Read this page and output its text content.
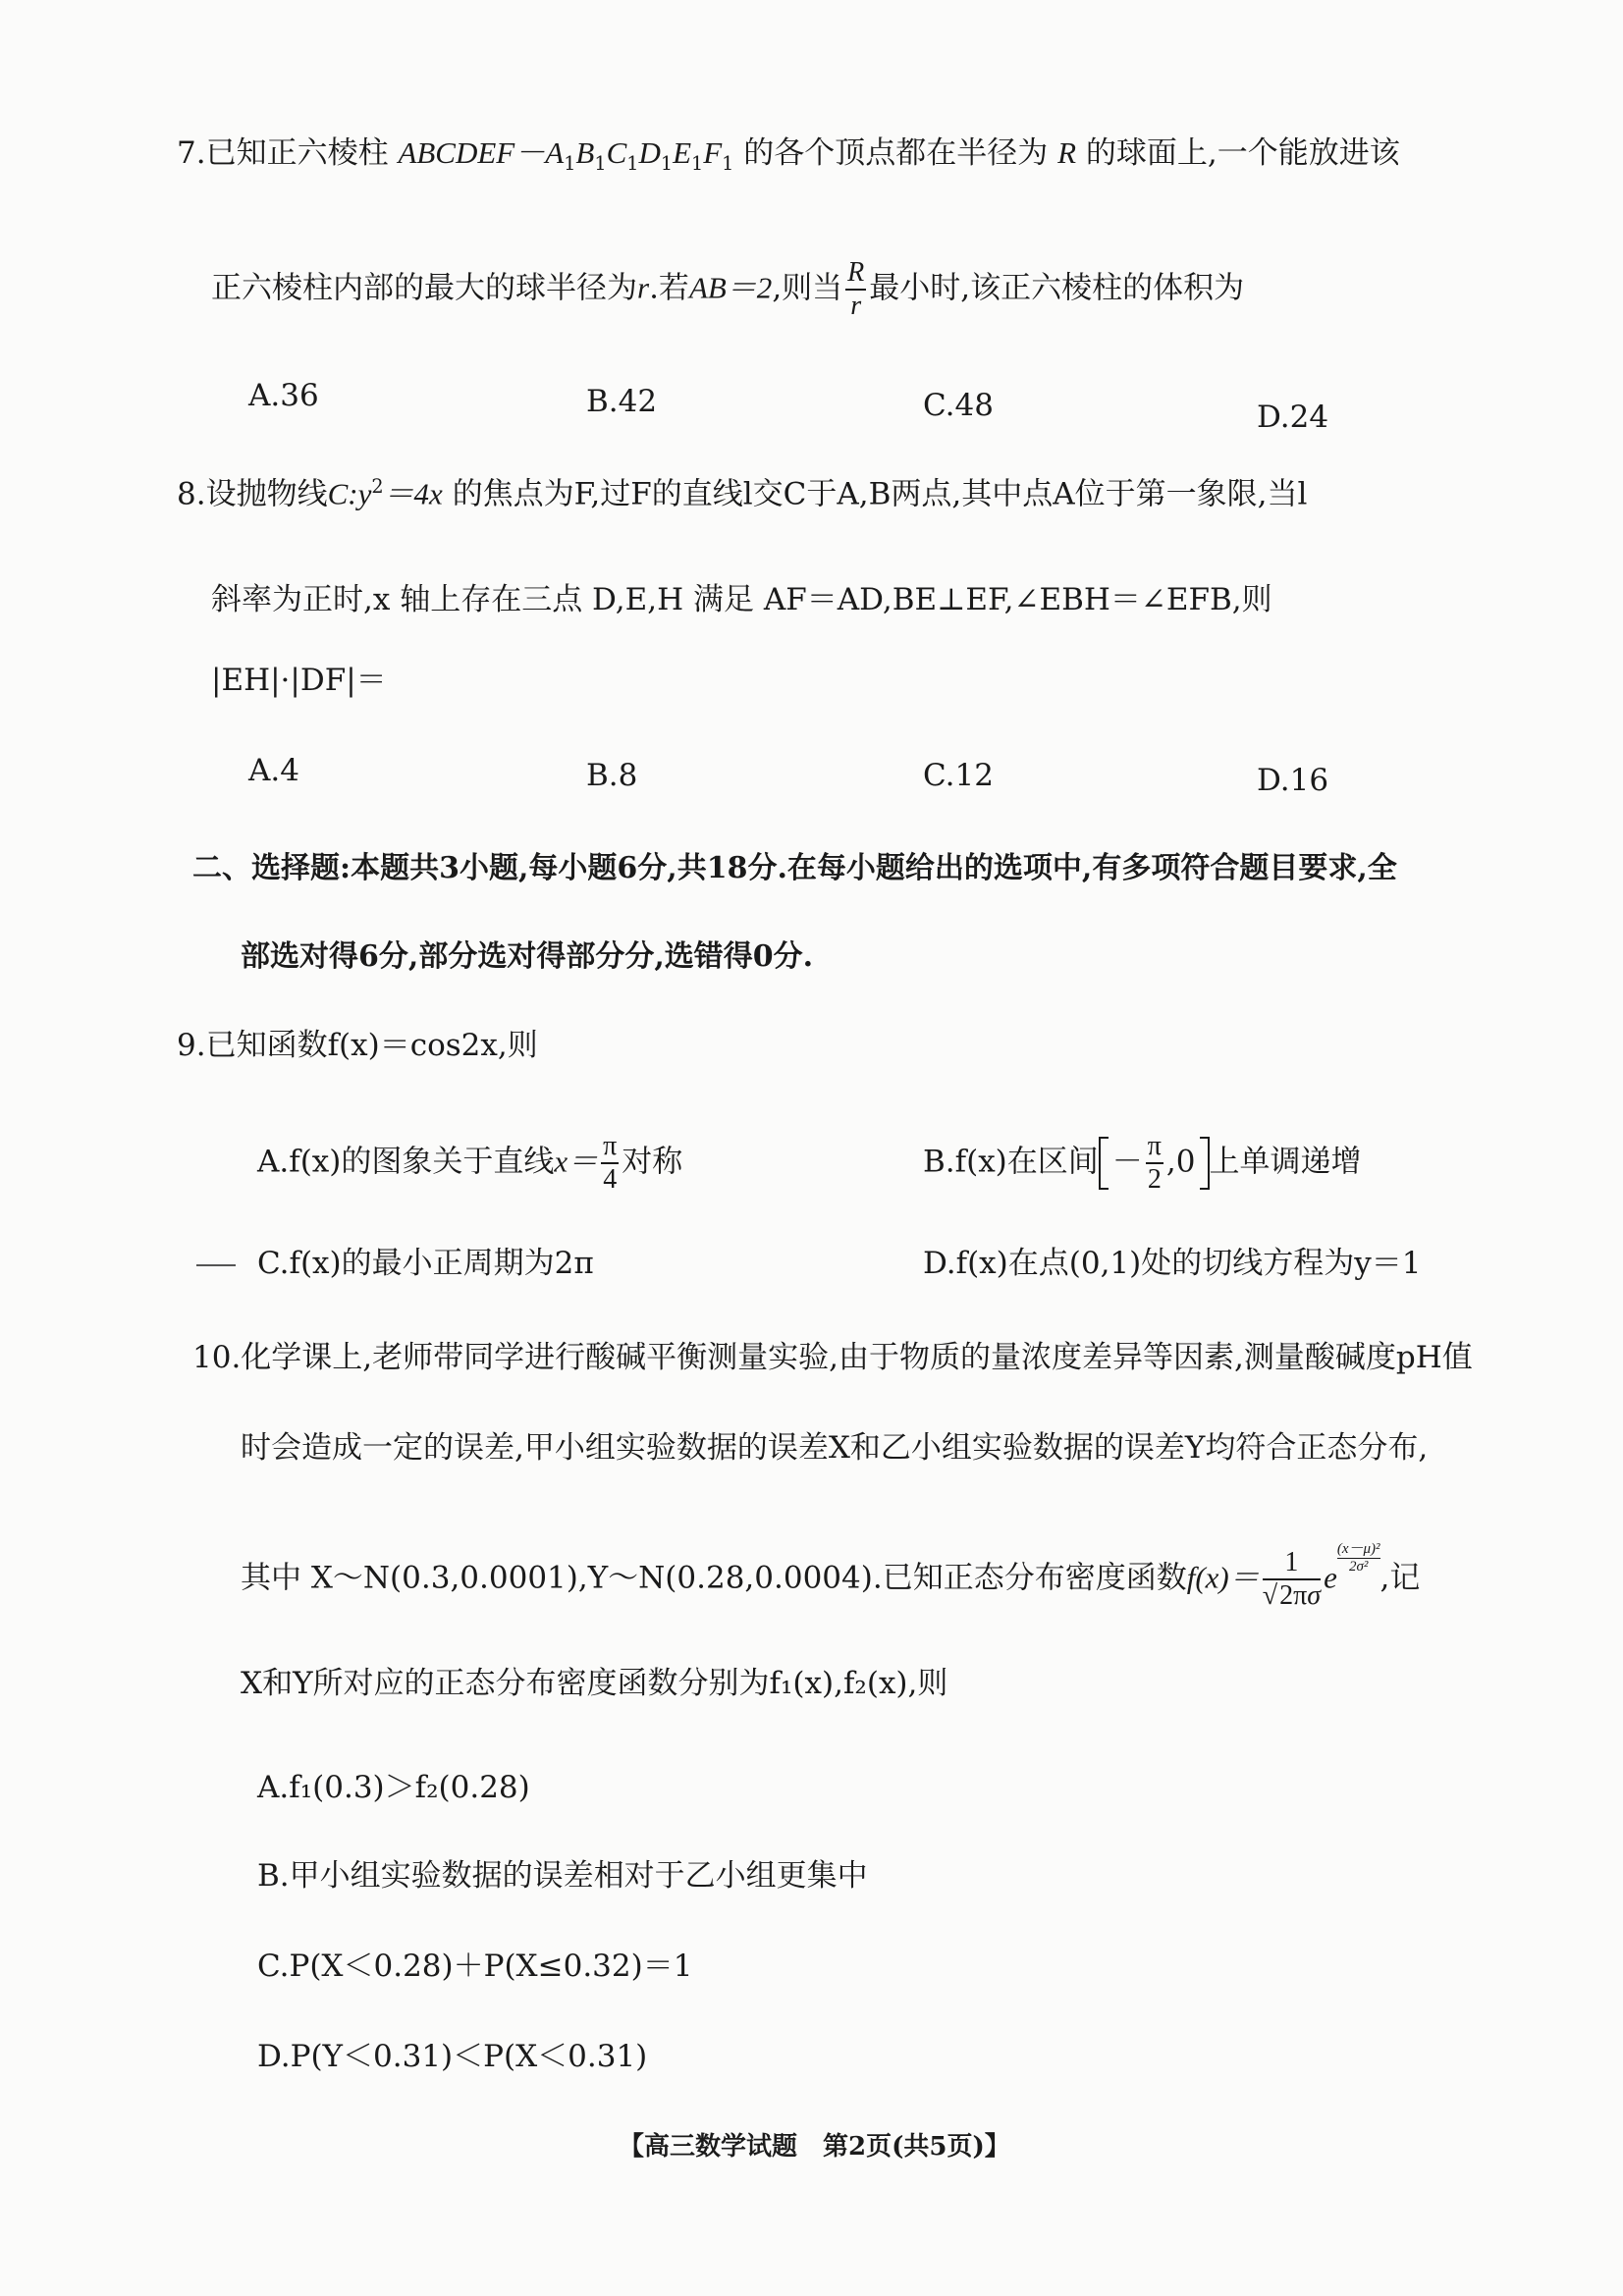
7.已知正六棱柱 $ABCDEF-A_1B_1C_1D_1E_1F_1$ 的各个顶点都在半径为 R 的球面上,一个能放进该
正六棱柱内部的最大的球半径为r.若AB＝2,则当 $\frac{R}{r}$ 最小时,该正六棱柱的体积为
A.36	B.42	C.48	D.24
8.设抛物线$C:y^2=4x$ 的焦点为F,过F的直线l交C于A,B两点,其中点A位于第一象限,当l
斜率为正时,x 轴上存在三点 D,E,H 满足 AF＝AD,BE⊥EF,∠EBH＝∠EFB,则
|EH|·|DF|＝
A.4	B.8	C.12	D.16
二、选择题:本题共3小题,每小题6分,共18分.在每小题给出的选项中,有多项符合题目要求,全
部选对得6分,部分选对得部分分,选错得0分.
9.已知函数f(x)＝cos2x,则
A.f(x)的图象关于直线$x= \frac{\pi}{4}$ 对称	B.f(x)在区间 － $\frac{\pi}{2} ,0$ 上单调递增
C.f(x)的最小正周期为2π	D.f(x)在点(0,1)处的切线方程为y＝1
10.化学课上,老师带同学进行酸碱平衡测量实验,由于物质的量浓度差异等因素,测量酸碱度pH值
时会造成一定的误差,甲小组实验数据的误差X和乙小组实验数据的误差Y均符合正态分布,
其中 X～N(0.3,0.0001),Y～N(0.28,0.0004).已知正态分布密度函数$f(x)= \frac{1}{√2\pi\sigma}$ e
$\frac{\text{(x－μ)²}}{\text{2σ²}}$
,记
X和Y所对应的正态分布密度函数分别为f₁(x),f₂(x),则
A.f₁(0.3)＞f₂(0.28)
B.甲小组实验数据的误差相对于乙小组更集中
C.P(X＜0.28)＋P(X≤0.32)＝1
D.P(Y＜0.31)＜P(X＜0.31)
【高三数学试题　第2页(共5页)】
